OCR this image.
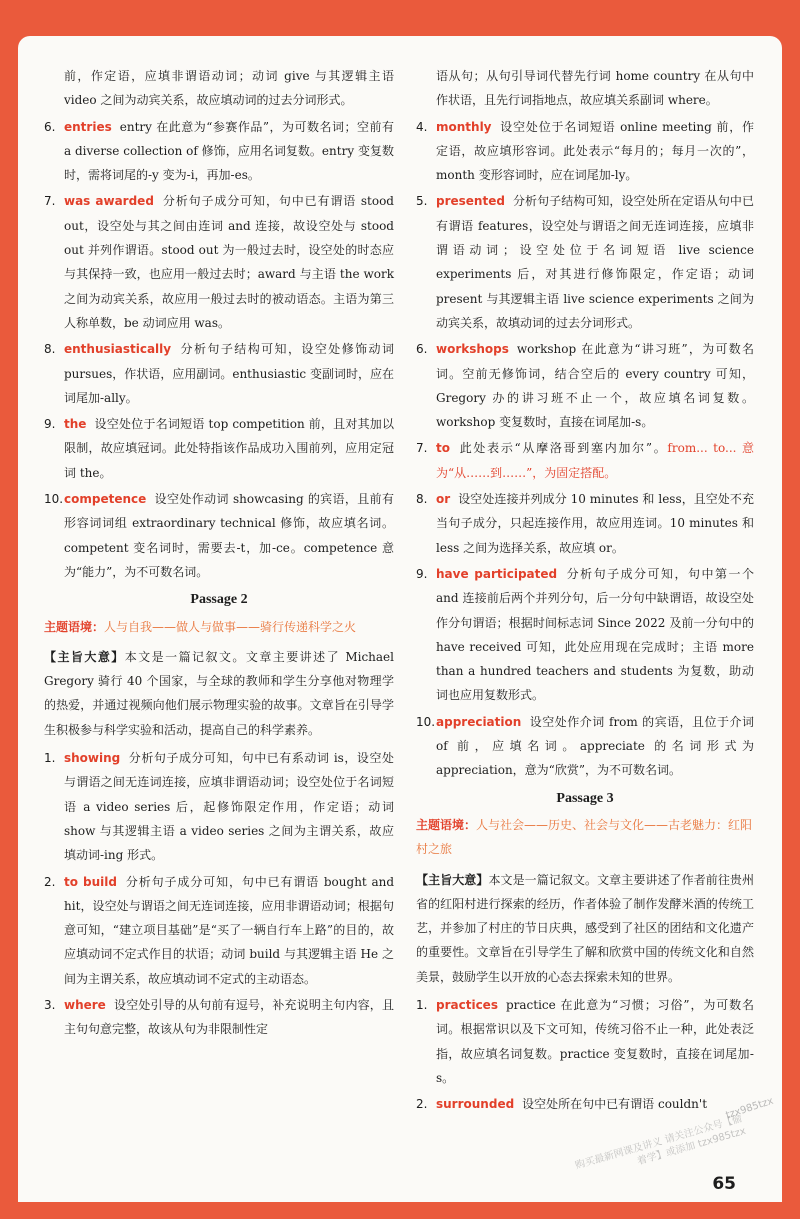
前，作定语，应填非谓语动词；动词 give 与其逻辑主语 video 之间为动宾关系，故应填动词的过去分词形式。

6. entries entry 在此意为“参赛作品”，为可数名词；空前有 a diverse collection of 修饰，应用名词复数。entry 变复数时，需将词尾的-y 变为-i，再加-es。

7. was awarded 分析句子成分可知，句中已有谓语 stood out，设空处与其之间由连词 and 连接，故设空处与 stood out 并列作谓语。stood out 为一般过去时，设空处的时态应与其保持一致，也应用一般过去时；award 与主语 the work 之间为动宾关系，故应用一般过去时的被动语态。主语为第三人称单数，be 动词应用 was。

8. enthusiastically 分析句子结构可知，设空处修饰动词 pursues，作状语，应用副词。enthusiastic 变副词时，应在词尾加-ally。

9. the 设空处位于名词短语 top competition 前，且对其加以限制，故应填冠词。此处特指该作品成功入围前列，应用定冠词 the。

10. competence 设空处作动词 showcasing 的宾语，且前有形容词词组 extraordinary technical 修饰，故应填名词。competent 变名词时，需要去-t，加-ce。competence 意为“能力”，为不可数名词。

Passage 2

主题语境：人与自我——做人与做事——骑行传递科学之火

【主旨大意】本文是一篇记叙文。文章主要讲述了 Michael Gregory 骑行 40 个国家，与全球的教师和学生分享他对物理学的热爱，并通过视频向他们展示物理实验的故事。文章旨在引导学生积极参与科学实验和活动，提高自己的科学素养。

1. showing 分析句子成分可知，句中已有系动词 is，设空处与谓语之间无连词连接，应填非谓语动词；设空处位于名词短语 a video series 后，起修饰限定作用，作定语；动词 show 与其逻辑主语 a video series 之间为主谓关系，故应填动词-ing 形式。

2. to build 分析句子成分可知，句中已有谓语 bought and hit，设空处与谓语之间无连词连接，应用非谓语动词；根据句意可知，“建立项目基础”是“买了一辆自行车上路”的目的，故应填动词不定式作目的状语；动词 build 与其逻辑主语 He 之间为主谓关系，故应填动词不定式的主动语态。

3. where 设空处引导的从句前有逗号，补充说明主句内容，且主句句意完整，故该从句为非限制性定

语从句；从句引导词代替先行词 home country 在从句中作状语，且先行词指地点，故应填关系副词 where。

4. monthly 设空处位于名词短语 online meeting 前，作定语，故应填形容词。此处表示“每月的；每月一次的”，month 变形容词时，应在词尾加-ly。

5. presented 分析句子结构可知，设空处所在定语从句中已有谓语 features，设空处与谓语之间无连词连接，应填非谓语动词；设空处位于名词短语 live science experiments 后，对其进行修饰限定，作定语；动词 present 与其逻辑主语 live science experiments 之间为动宾关系，故填动词的过去分词形式。

6. workshops workshop 在此意为“讲习班”，为可数名词。空前无修饰词，结合空后的 every country 可知，Gregory 办的讲习班不止一个，故应填名词复数。workshop 变复数时，直接在词尾加-s。

7. to 此处表示“从摩洛哥到塞内加尔”。from... to... 意为“从……到……”，为固定搭配。

8. or 设空处连接并列成分 10 minutes 和 less，且空处不充当句子成分，只起连接作用，故应用连词。10 minutes 和 less 之间为选择关系，故应填 or。

9. have participated 分析句子成分可知，句中第一个 and 连接前后两个并列分句，后一分句中缺谓语，故设空处作分句谓语；根据时间标志词 Since 2022 及前一分句中的 have received 可知，此处应用现在完成时；主语 more than a hundred teachers and students 为复数，助动词也应用复数形式。

10. appreciation 设空处作介词 from 的宾语，且位于介词 of 前，应填名词。appreciate 的名词形式为 appreciation，意为“欣赏”，为不可数名词。

Passage 3

主题语境：人与社会——历史、社会与文化——古老魅力：红阳村之旅

【主旨大意】本文是一篇记叙文。文章主要讲述了作者前往贵州省的红阳村进行探索的经历，作者体验了制作发酵米酒的传统工艺，并参加了村庄的节日庆典，感受到了社区的团结和文化遗产的重要性。文章旨在引导学生了解和欣赏中国的传统文化和自然美景，鼓励学生以开放的心态去探索未知的世界。

1. practices practice 在此意为“习惯；习俗”，为可数名词。根据常识以及下文可知，传统习俗不止一种，此处表泛指，故应填名词复数。practice 变复数时，直接在词尾加-s。

2. surrounded 设空处所在句中已有谓语 couldn't	tzx985tzx
购买最新网课及讲义 请关注公众号【偷着学】或添加 tzx985tzx
65
